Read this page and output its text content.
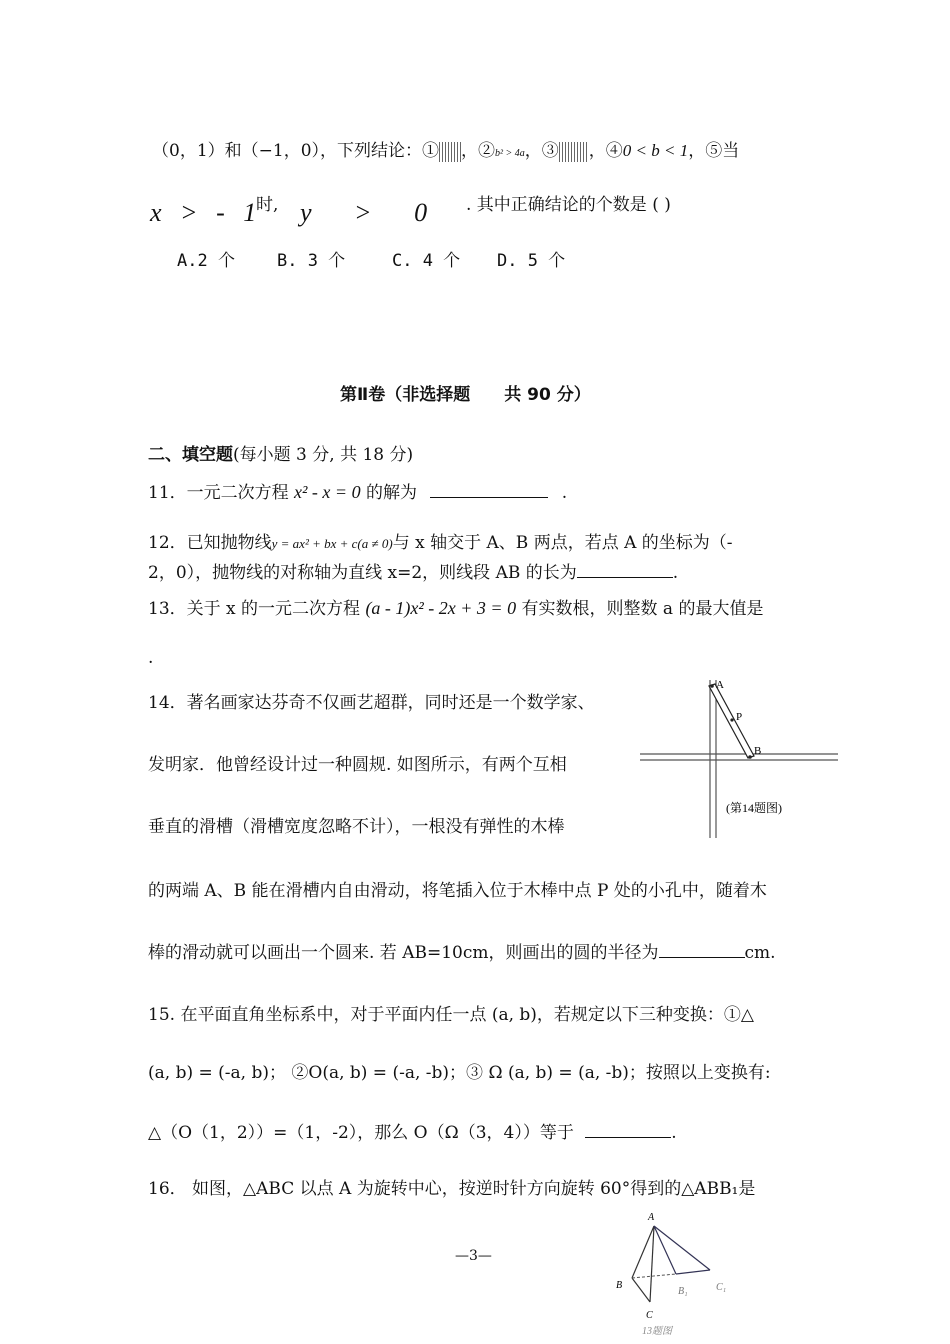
（0，1）和（−1，0），下列结论：① ，②b² > 4a，③ ，④0 < b < 1，⑤当
x > - 1
时, y > 0 . 其中正确结论的个数是 ( )
A.2 个 B. 3 个	C. 4 个 D. 5 个
第Ⅱ卷（非选择题　　共 90 分）
二、填空题(每小题 3 分, 共 18 分)
11．一元二次方程 x² - x = 0 的解为	.
12．已知抛物线y = ax² + bx + c(a ≠ 0)与 x 轴交于 A、B 两点，若点 A 的坐标为（-
2，0），抛物线的对称轴为直线 x=2，则线段 AB 的长为	.
13．关于 x 的一元二次方程 (a - 1)x² - 2x + 3 = 0 有实数根，则整数 a 的最大值是
.
14．著名画家达芬奇不仅画艺超群，同时还是一个数学家、
发明家．他曾经设计过一种圆规. 如图所示，有两个互相
垂直的滑槽（滑槽宽度忽略不计），一根没有弹性的木棒
的两端 A、B 能在滑槽内自由滑动，将笔插入位于木棒中点 P 处的小孔中，随着木
棒的滑动就可以画出一个圆来. 若 AB=10cm，则画出的圆的半径为	cm.
A
P
B
(第14题图)
15. 在平面直角坐标系中，对于平面内任一点 (a, b)，若规定以下三种变换：①△
(a, b) = (-a, b)； ②O(a, b) = (-a, -b)；③ Ω (a, b) = (a, -b)；按照以上变换有:
△（O（1，2））=（1，-2），那么 O（Ω（3，4））等于	.
16． 如图，△ABC 以点 A 为旋转中心，按逆时针方向旋转 60°得到的△ABB₁是
—3—
A
B
B₁	C₁
C
13题图
